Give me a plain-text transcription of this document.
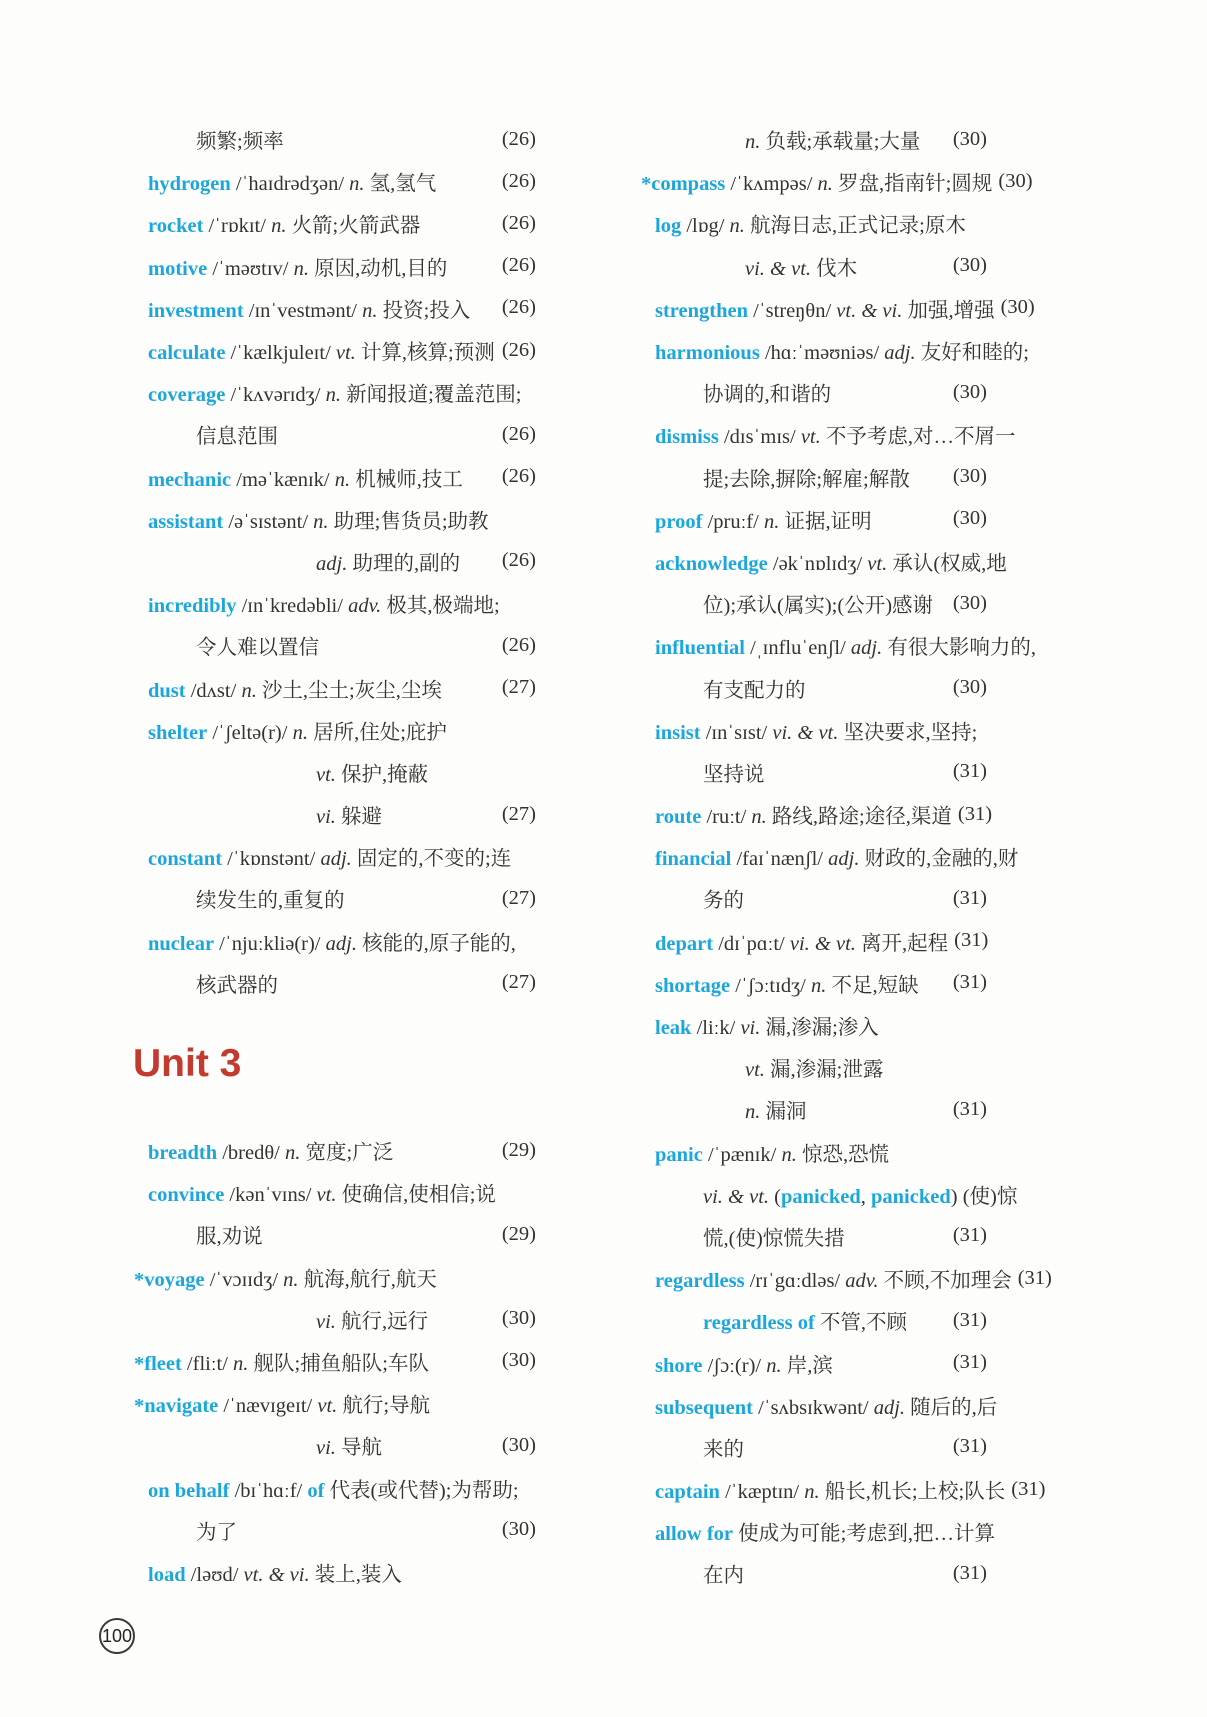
频繁;频率	(26)
hydrogen /ˈhaɪdrədʒən/ n. 氢,氢气	(26)
rocket /ˈrɒkɪt/ n. 火箭;火箭武器	(26)
motive /ˈməʊtɪv/ n. 原因,动机,目的	(26)
investment /ɪnˈvestmənt/ n. 投资;投入 (26)
calculate /ˈkælkjuleɪt/ vt. 计算,核算;预测 (26)
coverage /ˈkʌvərɪdʒ/ n. 新闻报道;覆盖范围;
信息范围	(26)
mechanic /məˈkænɪk/ n. 机械师,技工 (26)
assistant /əˈsɪstənt/ n. 助理;售货员;助教
adj. 助理的,副的 (26)
incredibly /ɪnˈkredəbli/ adv. 极其,极端地;
令人难以置信	(26)
dust /dʌst/ n. 沙土,尘土;灰尘,尘埃	(27)
shelter /ˈʃeltə(r)/ n. 居所,住处;庇护
vt. 保护,掩蔽
vi. 躲避	(27)
constant /ˈkɒnstənt/ adj. 固定的,不变的;连
续发生的,重复的	(27)
nuclear /ˈnjuːkliə(r)/ adj. 核能的,原子能的,
核武器的	(27)
Unit 3
breadth /bredθ/ n. 宽度;广泛	(29)
convince /kənˈvɪns/ vt. 使确信,使相信;说
服,劝说	(29)
*voyage /ˈvɔɪɪdʒ/ n. 航海,航行,航天
vi. 航行,远行	(30)
*fleet /fliːt/ n. 舰队;捕鱼船队;车队	(30)
*navigate /ˈnævɪgeɪt/ vt. 航行;导航
vi. 导航	(30)
on behalf /bɪˈhɑːf/ of 代表(或代替);为帮助;
为了	(30)
load /ləʊd/ vt. & vi. 装上,装入
n. 负载;承载量;大量 (30)
*compass /ˈkʌmpəs/ n. 罗盘,指南针;圆规 (30)
log /lɒg/ n. 航海日志,正式记录;原木
vi. & vt. 伐木	(30)
strengthen /ˈstreŋθn/ vt. & vi. 加强,增强 (30)
harmonious /hɑːˈməʊniəs/ adj. 友好和睦的;
协调的,和谐的	(30)
dismiss /dɪsˈmɪs/ vt. 不予考虑,对…不屑一
提;去除,摒除;解雇;解散 (30)
proof /pruːf/ n. 证据,证明	(30)
acknowledge /əkˈnɒlɪdʒ/ vt. 承认(权威,地
位);承认(属实);(公开)感谢 (30)
influential /ˌɪnfluˈenʃl/ adj. 有很大影响力的,
有支配力的	(30)
insist /ɪnˈsɪst/ vi. & vt. 坚决要求,坚持;
坚持说	(31)
route /ruːt/ n. 路线,路途;途径,渠道 (31)
financial /faɪˈnænʃl/ adj. 财政的,金融的,财
务的	(31)
depart /dɪˈpɑːt/ vi. & vt. 离开,起程 (31)
shortage /ˈʃɔːtɪdʒ/ n. 不足,短缺 (31)
leak /liːk/ vi. 漏,渗漏;渗入
vt. 漏,渗漏;泄露
n. 漏洞	(31)
panic /ˈpænɪk/ n. 惊恐,恐慌
vi. & vt. (panicked, panicked) (使)惊
慌,(使)惊慌失措	(31)
regardless /rɪˈgɑːdləs/ adv. 不顾,不加理会 (31)
regardless of 不管,不顾 (31)
shore /ʃɔː(r)/ n. 岸,滨	(31)
subsequent /ˈsʌbsɪkwənt/ adj. 随后的,后
来的	(31)
captain /ˈkæptɪn/ n. 船长,机长;上校;队长 (31)
allow for 使成为可能;考虑到,把…计算
在内	(31)
100
